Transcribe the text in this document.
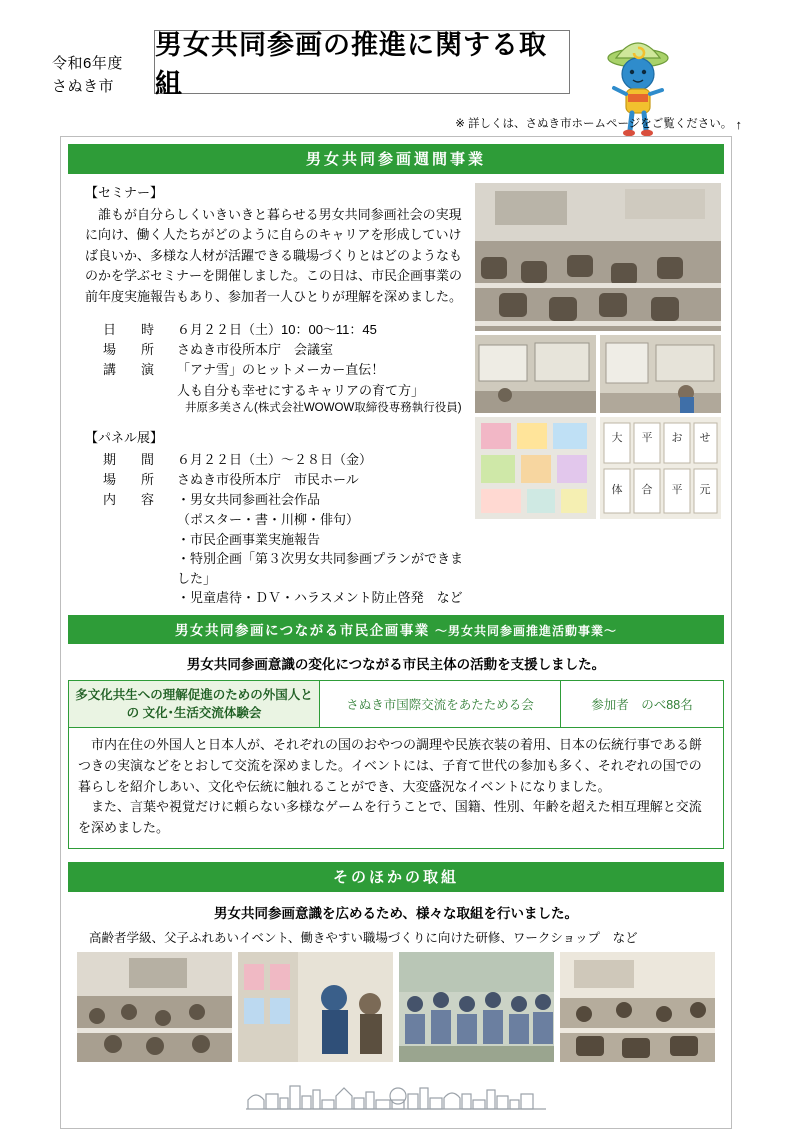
令和6年度
さぬき市
男女共同参画の推進に関する取組
※ 詳しくは、さぬき市ホームページをご覧ください。 ↑
男女共同参画週間事業
【セミナー】

誰もが自分らしくいきいきと暮らせる男女共同参画社会の実現に向け、働く人たちがどのように自らのキャリアを形成していけば良いか、多様な人材が活躍できる職場づくりとはどのようなものかを学ぶセミナーを開催しました。この日は、市民企画事業の前年度実施報告もあり、参加者一人ひとりが理解を深めました。

日　時	６月２２日（土）10：00～11：45
場　所	さぬき市役所本庁　会議室
講　演	「アナ雪」のヒットメーカー直伝！
人も自分も幸せにするキャリアの育て方」
井原多美さん(株式会社WOWOW取締役専務執行役員)
【パネル展】
期　間	６月２２日（土）～２８日（金）
場　所	さぬき市役所本庁　市民ホール
内　容	・男女共同参画社会作品
（ポスター・書・川柳・俳句）
・市民企画事業実施報告
・特別企画「第３次男女共同参画プランができました」
・児童虐待・ＤＶ・ハラスメント防止啓発　など
大 平 お せ
体 合 平 元
男女共同参画につながる市民企画事業 ～男女共同参画推進活動事業～
男女共同参画意識の変化につながる市民主体の活動を支援しました。
多文化共生への理解促進のための外国人との 文化･生活交流体験会	さぬき市国際交流をあたためる会	参加者　のべ88名

市内在住の外国人と日本人が、それぞれの国のおやつの調理や民族衣装の着用、日本の伝統行事である餅つきの実演などをとおして交流を深めました。イベントには、子育て世代の参加も多く、それぞれの国での暮らしを紹介しあい、文化や伝統に触れることができ、大変盛況なイベントになりました。

また、言葉や視覚だけに頼らない多様なゲームを行うことで、国籍、性別、年齢を超えた相互理解と交流を深めました。

そのほかの取組
男女共同参画意識を広めるため、様々な取組を行いました。
高齢者学級、父子ふれあいイベント、働きやすい職場づくりに向けた研修、ワークショップ　など
